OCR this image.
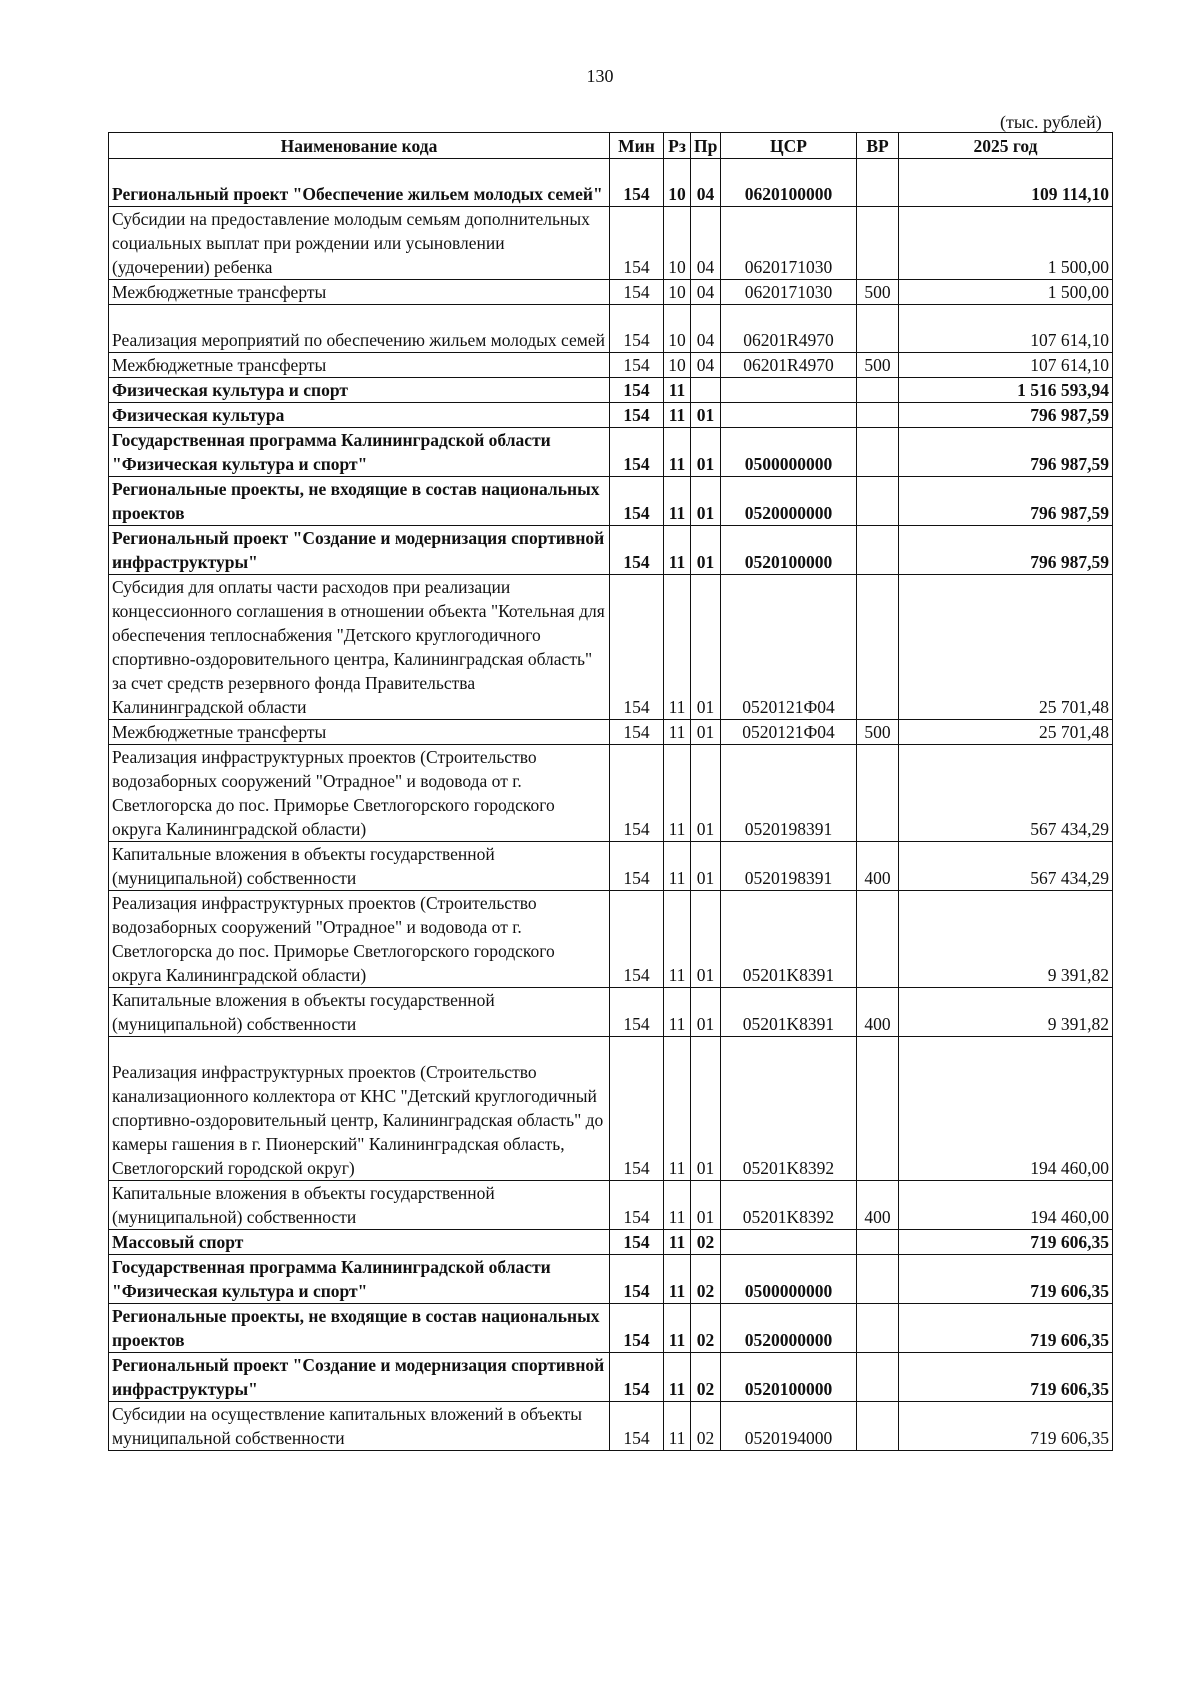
130
(тыс. рублей)
Наименование кода	Мин	Рз	Пр	ЦСР	ВР	2025 год
Региональный проект "Обеспечение жильем молодых семей"	154	10	04	0620100000		109 114,10
Субсидии на предоставление молодым семьям дополнительных социальных выплат при рождении или усыновлении (удочерении) ребенка	154	10	04	0620171030		1 500,00
Межбюджетные трансферты	154	10	04	0620171030	500	1 500,00
Реализация мероприятий по обеспечению жильем молодых семей	154	10	04	06201R4970		107 614,10
Межбюджетные трансферты	154	10	04	06201R4970	500	107 614,10
Физическая культура и спорт	154	11				1 516 593,94
Физическая культура	154	11	01			796 987,59
Государственная программа Калининградской области "Физическая культура и спорт"	154	11	01	0500000000		796 987,59
Региональные проекты, не входящие в состав национальных проектов	154	11	01	0520000000		796 987,59
Региональный проект "Создание и модернизация спортивной инфраструктуры"	154	11	01	0520100000		796 987,59
Субсидия для оплаты части расходов при реализации концессионного соглашения в отношении объекта "Котельная для обеспечения теплоснабжения "Детского круглогодичного спортивно-оздоровительного центра, Калининградская область" за счет средств резервного фонда Правительства Калининградской области	154	11	01	0520121Ф04		25 701,48
Межбюджетные трансферты	154	11	01	0520121Ф04	500	25 701,48
Реализация инфраструктурных проектов (Строительство водозаборных сооружений "Отрадное" и водовода от г. Светлогорска до пос. Приморье Светлогорского городского округа Калининградской области)	154	11	01	0520198391		567 434,29
Капитальные вложения в объекты государственной (муниципальной) собственности	154	11	01	0520198391	400	567 434,29
Реализация инфраструктурных проектов (Строительство водозаборных сооружений "Отрадное" и водовода от г. Светлогорска до пос. Приморье Светлогорского городского округа Калининградской области)	154	11	01	05201K8391		9 391,82
Капитальные вложения в объекты государственной (муниципальной) собственности	154	11	01	05201K8391	400	9 391,82
Реализация инфраструктурных проектов (Строительство канализационного коллектора от КНС "Детский круглогодичный спортивно-оздоровительный центр, Калининградская область" до камеры гашения в г. Пионерский" Калининградская область, Светлогорский городской округ)	154	11	01	05201K8392		194 460,00
Капитальные вложения в объекты государственной (муниципальной) собственности	154	11	01	05201K8392	400	194 460,00
Массовый спорт	154	11	02			719 606,35
Государственная программа Калининградской области "Физическая культура и спорт"	154	11	02	0500000000		719 606,35
Региональные проекты, не входящие в состав национальных проектов	154	11	02	0520000000		719 606,35
Региональный проект "Создание и модернизация спортивной инфраструктуры"	154	11	02	0520100000		719 606,35
Субсидии на осуществление капитальных вложений в объекты муниципальной собственности	154	11	02	0520194000		719 606,35
